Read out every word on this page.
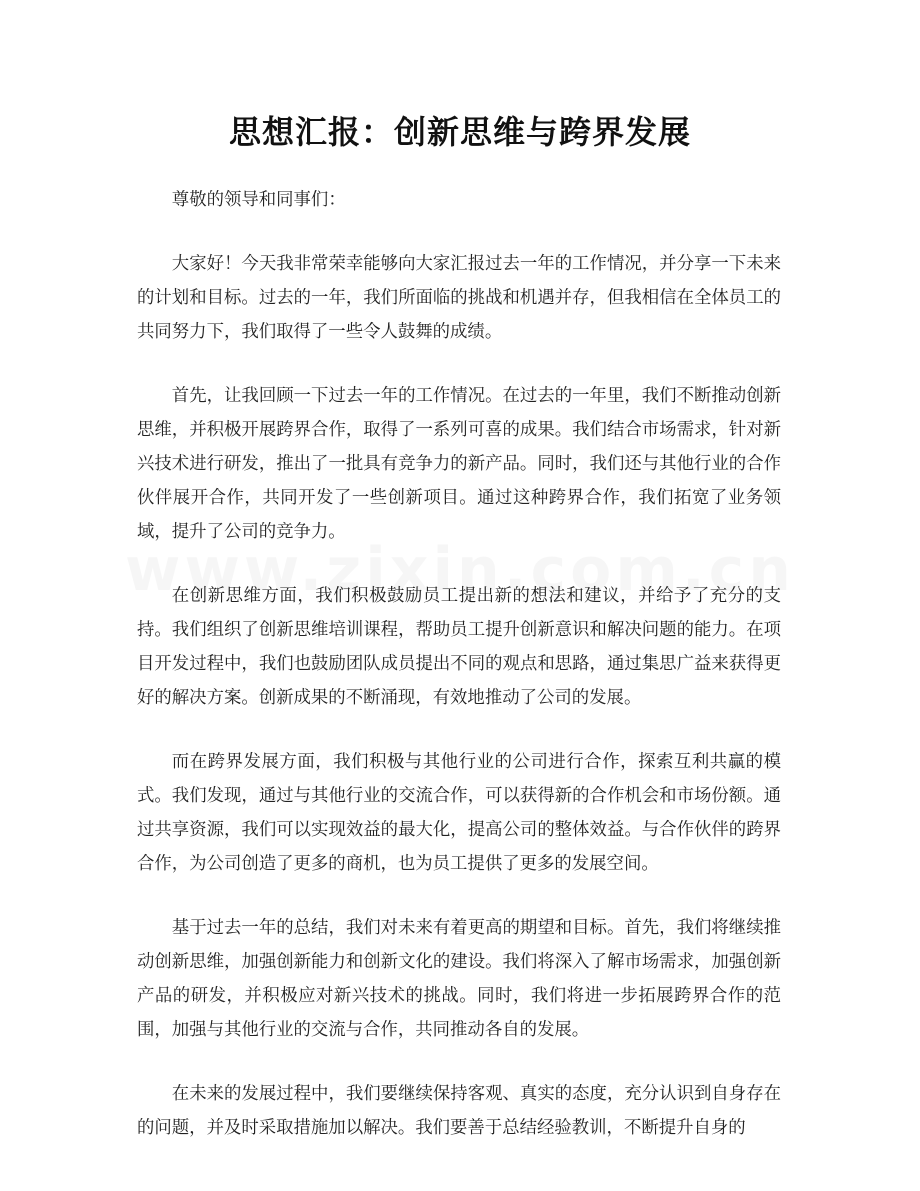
思想汇报：创新思维与跨界发展

尊敬的领导和同事们：

大家好！今天我非常荣幸能够向大家汇报过去一年的工作情况，并分享一下未来的计划和目标。过去的一年，我们所面临的挑战和机遇并存，但我相信在全体员工的共同努力下，我们取得了一些令人鼓舞的成绩。

首先，让我回顾一下过去一年的工作情况。在过去的一年里，我们不断推动创新思维，并积极开展跨界合作，取得了一系列可喜的成果。我们结合市场需求，针对新兴技术进行研发，推出了一批具有竞争力的新产品。同时，我们还与其他行业的合作伙伴展开合作，共同开发了一些创新项目。通过这种跨界合作，我们拓宽了业务领域，提升了公司的竞争力。

在创新思维方面，我们积极鼓励员工提出新的想法和建议，并给予了充分的支持。我们组织了创新思维培训课程，帮助员工提升创新意识和解决问题的能力。在项目开发过程中，我们也鼓励团队成员提出不同的观点和思路，通过集思广益来获得更好的解决方案。创新成果的不断涌现，有效地推动了公司的发展。

而在跨界发展方面，我们积极与其他行业的公司进行合作，探索互利共赢的模式。我们发现，通过与其他行业的交流合作，可以获得新的合作机会和市场份额。通过共享资源，我们可以实现效益的最大化，提高公司的整体效益。与合作伙伴的跨界合作，为公司创造了更多的商机，也为员工提供了更多的发展空间。

基于过去一年的总结，我们对未来有着更高的期望和目标。首先，我们将继续推动创新思维，加强创新能力和创新文化的建设。我们将深入了解市场需求，加强创新产品的研发，并积极应对新兴技术的挑战。同时，我们将进一步拓展跨界合作的范围，加强与其他行业的交流与合作，共同推动各自的发展。

在未来的发展过程中，我们要继续保持客观、真实的态度，充分认识到自身存在的问题，并及时采取措施加以解决。我们要善于总结经验教训，不断提升自身的
